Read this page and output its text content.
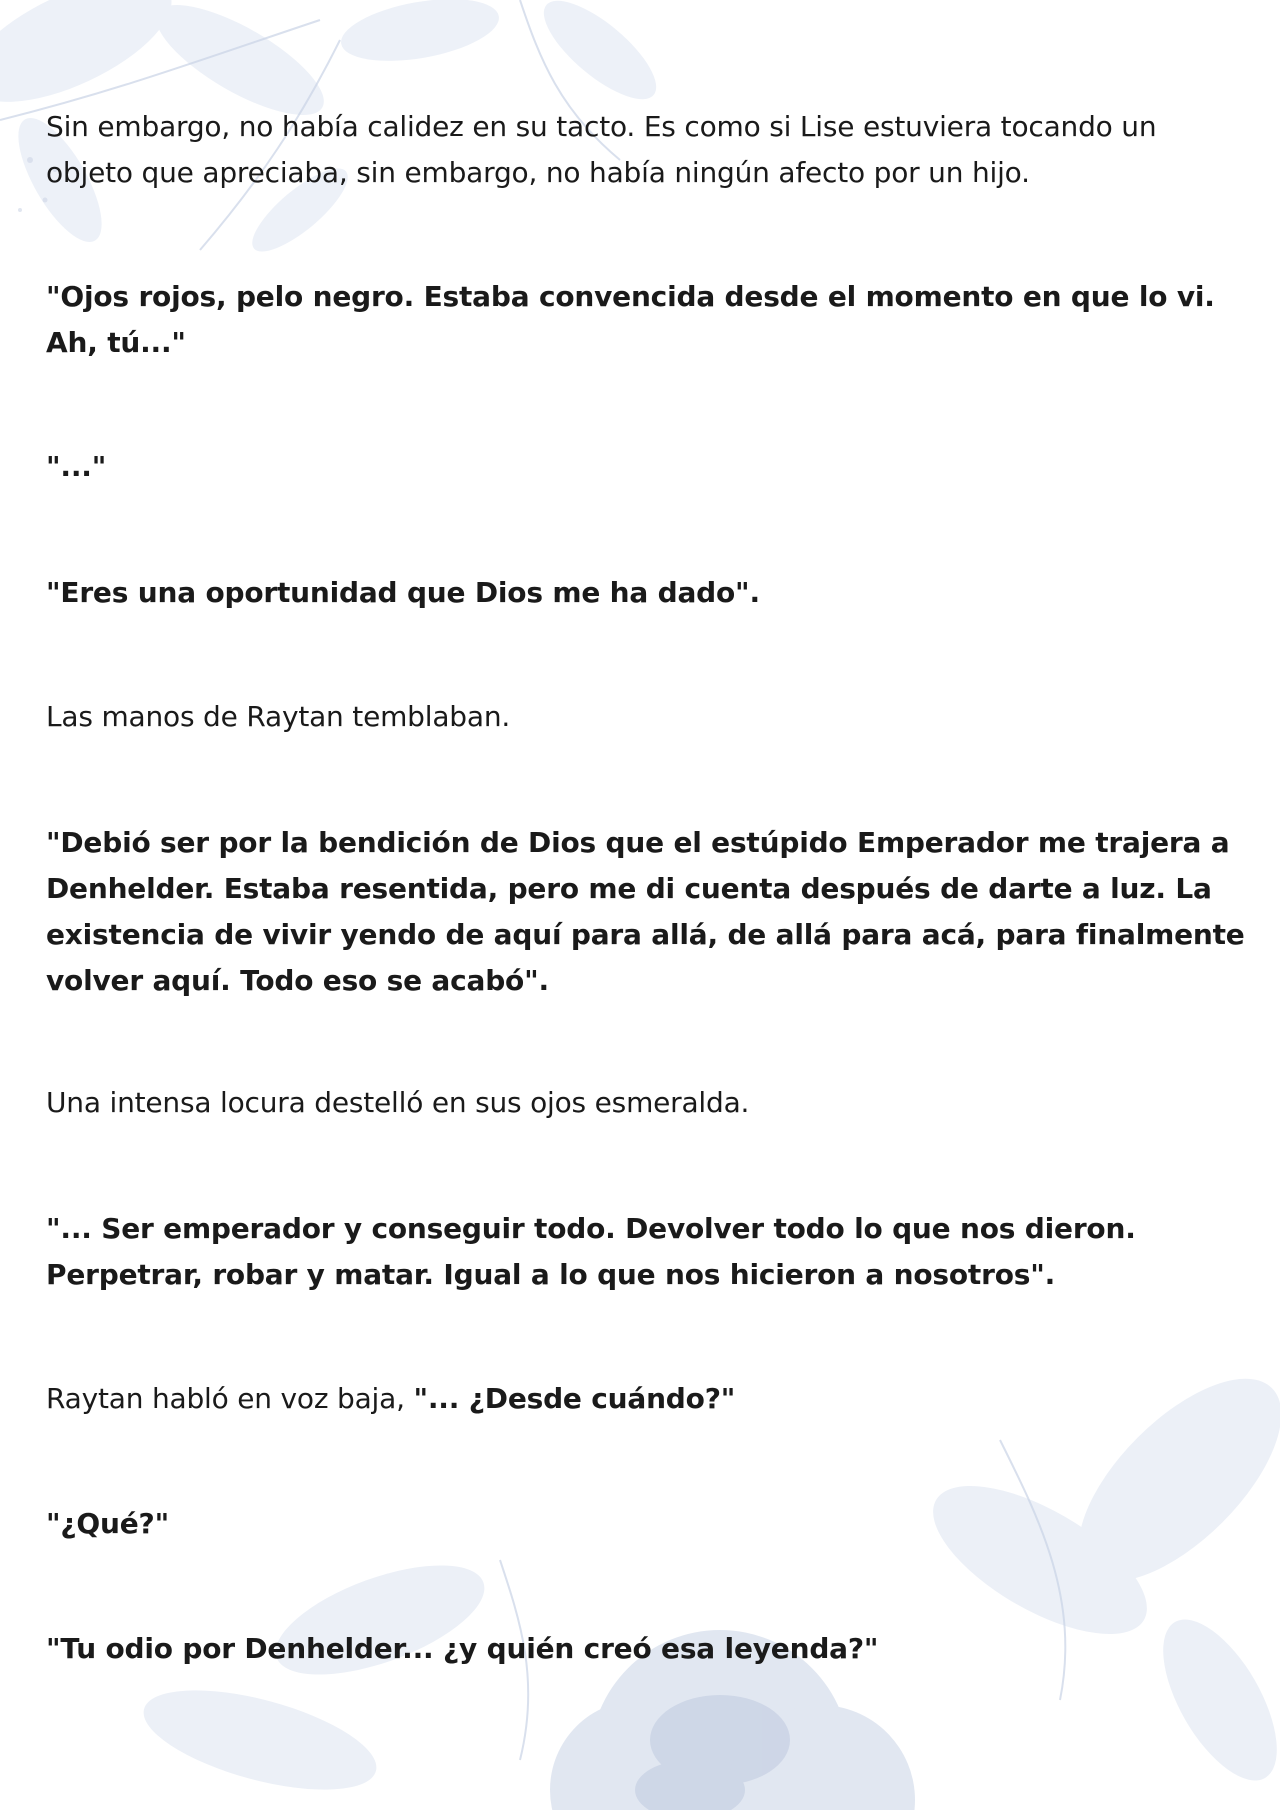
Sin embargo, no había calidez en su tacto. Es como si Lise estuviera tocando un objeto que apreciaba, sin embargo, no había ningún afecto por un hijo.

"Ojos rojos, pelo negro. Estaba convencida desde el momento en que lo vi. Ah, tú..."

"..."

"Eres una oportunidad que Dios me ha dado".

Las manos de Raytan temblaban.

"Debió ser por la bendición de Dios que el estúpido Emperador me trajera a Denhelder. Estaba resentida, pero me di cuenta después de darte a luz. La existencia de vivir yendo de aquí para allá, de allá para acá, para finalmente volver aquí. Todo eso se acabó".

Una intensa locura destelló en sus ojos esmeralda.

"... Ser emperador y conseguir todo. Devolver todo lo que nos dieron. Perpetrar, robar y matar. Igual a lo que nos hicieron a nosotros".

Raytan habló en voz baja, "... ¿Desde cuándo?"

"¿Qué?"

"Tu odio por Denhelder... ¿y quién creó esa leyenda?"
